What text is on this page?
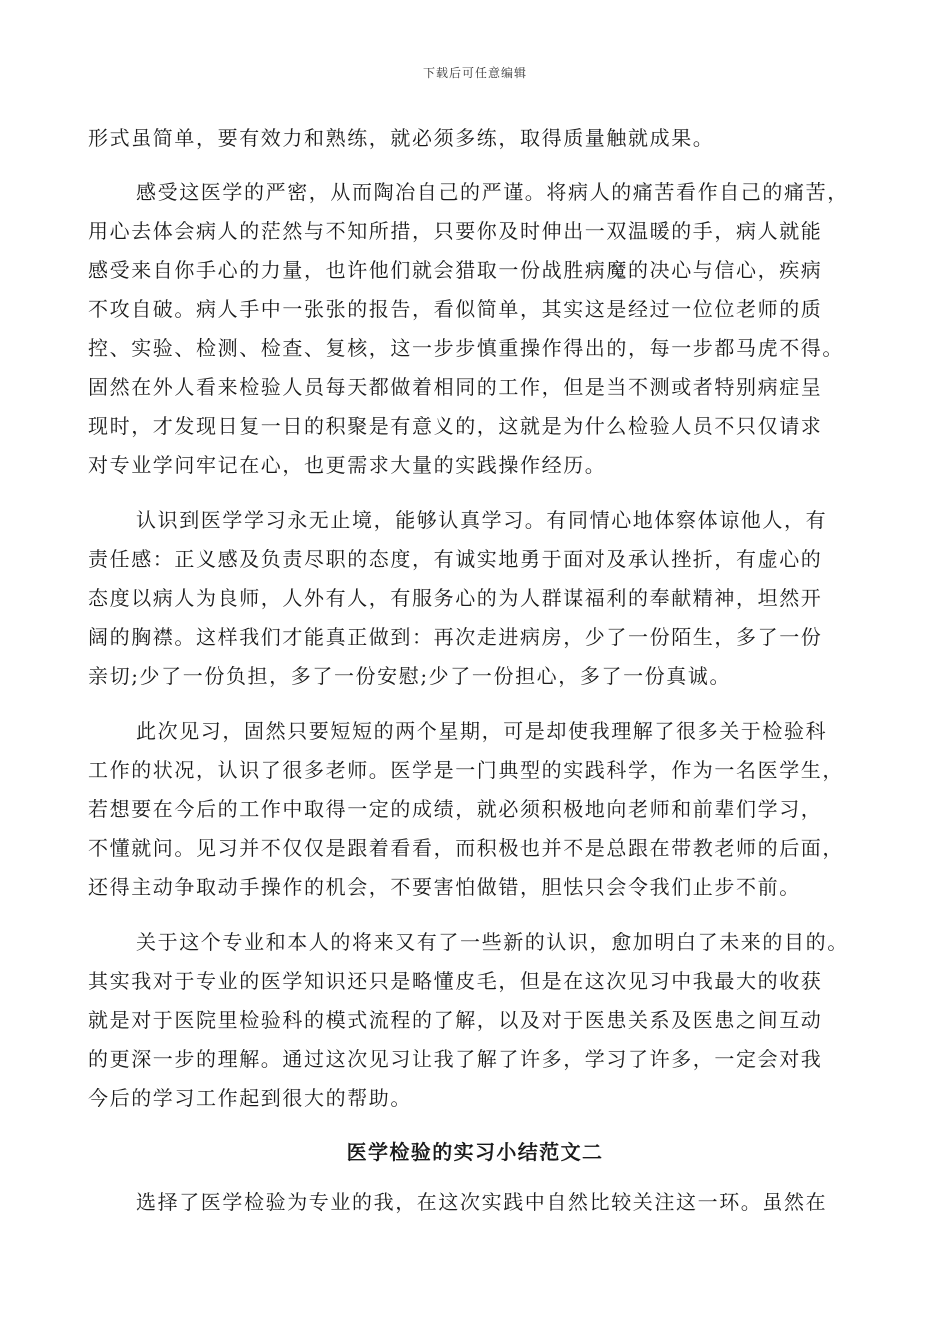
下载后可任意编辑
形式虽简单，要有效力和熟练，就必须多练，取得质量触就成果。
感受这医学的严密，从而陶冶自己的严谨。将病人的痛苦看作自己的痛苦，
用心去体会病人的茫然与不知所措，只要你及时伸出一双温暖的手，病人就能
感受来自你手心的力量，也许他们就会猎取一份战胜病魔的决心与信心，疾病
不攻自破。病人手中一张张的报告，看似简单，其实这是经过一位位老师的质
控、实验、检测、检查、复核，这一步步慎重操作得出的，每一步都马虎不得。
固然在外人看来检验人员每天都做着相同的工作，但是当不测或者特别病症呈
现时，才发现日复一日的积聚是有意义的，这就是为什么检验人员不只仅请求
对专业学问牢记在心，也更需求大量的实践操作经历。
认识到医学学习永无止境，能够认真学习。有同情心地体察体谅他人，有
责任感：正义感及负责尽职的态度，有诚实地勇于面对及承认挫折，有虚心的
态度以病人为良师，人外有人，有服务心的为人群谋福利的奉献精神，坦然开
阔的胸襟。这样我们才能真正做到：再次走进病房，少了一份陌生，多了一份
亲切;少了一份负担，多了一份安慰;少了一份担心，多了一份真诚。
此次见习，固然只要短短的两个星期，可是却使我理解了很多关于检验科
工作的状况，认识了很多老师。医学是一门典型的实践科学，作为一名医学生，
若想要在今后的工作中取得一定的成绩，就必须积极地向老师和前辈们学习，
不懂就问。见习并不仅仅是跟着看看，而积极也并不是总跟在带教老师的后面，
还得主动争取动手操作的机会，不要害怕做错，胆怯只会令我们止步不前。
关于这个专业和本人的将来又有了一些新的认识，愈加明白了未来的目的。
其实我对于专业的医学知识还只是略懂皮毛，但是在这次见习中我最大的收获
就是对于医院里检验科的模式流程的了解，以及对于医患关系及医患之间互动
的更深一步的理解。通过这次见习让我了解了许多，学习了许多，一定会对我
今后的学习工作起到很大的帮助。
医学检验的实习小结范文二
选择了医学检验为专业的我，在这次实践中自然比较关注这一环。虽然在
